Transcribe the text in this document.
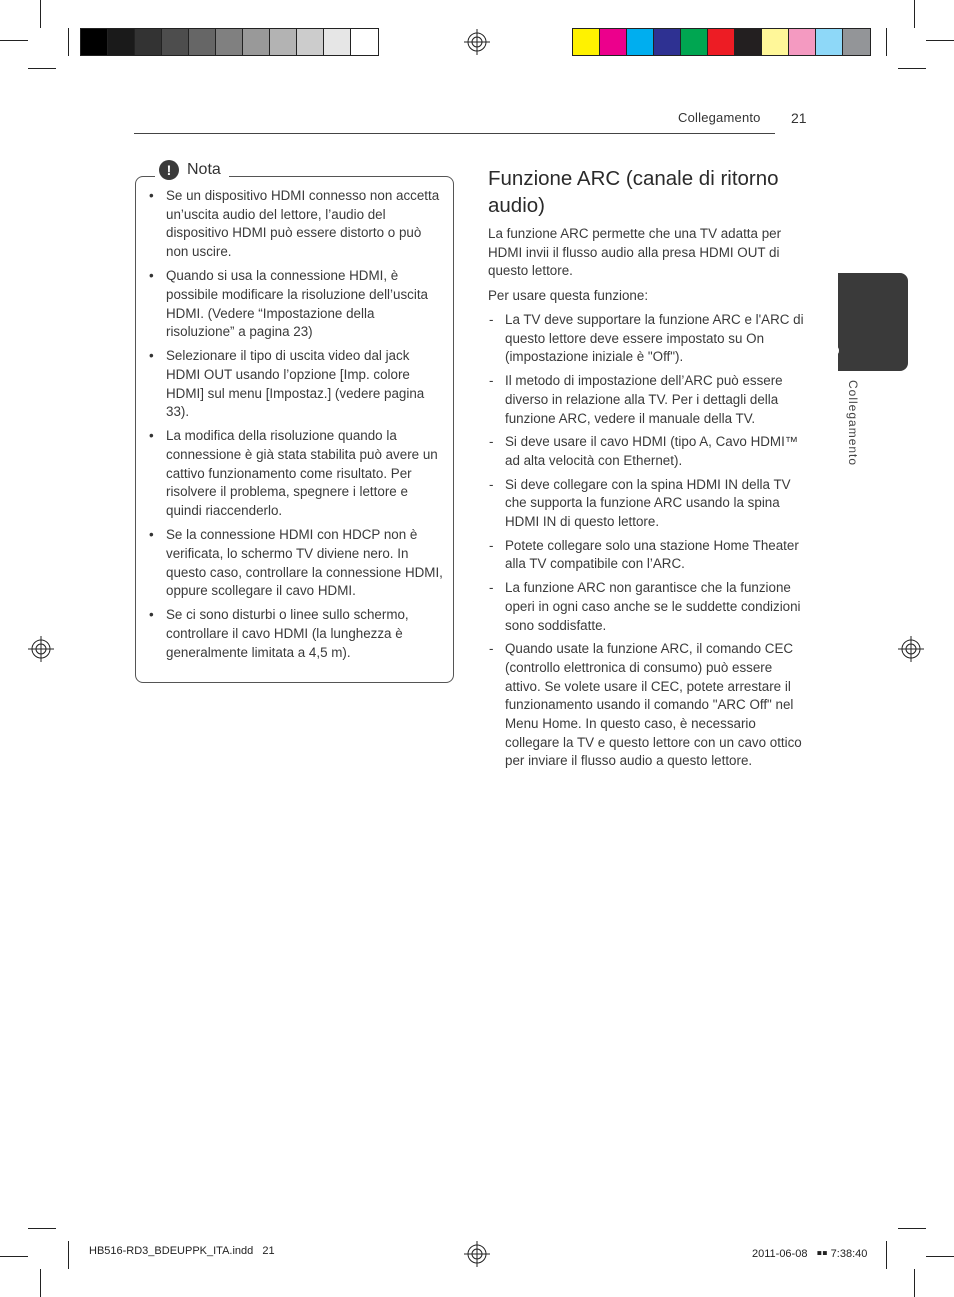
Collegamento 21
2
Collegamento
! Nota
• Se un dispositivo HDMI connesso non accetta un’uscita audio del lettore, l’audio del dispositivo HDMI può essere distorto o può non uscire.
• Quando si usa la connessione HDMI, è possibile modificare la risoluzione dell’uscita HDMI. (Vedere “Impostazione della risoluzione” a pagina 23)
• Selezionare il tipo di uscita video dal jack HDMI OUT usando l’opzione [Imp. colore HDMI] sul menu [Impostaz.] (vedere pagina 33).
• La modifica della risoluzione quando la connessione è già stata stabilita può avere un cattivo funzionamento come risultato. Per risolvere il problema, spegnere i lettore e quindi riaccenderlo.
• Se la connessione HDMI con HDCP non è verificata, lo schermo TV diviene nero. In questo caso, controllare la connessione HDMI, oppure scollegare il cavo HDMI.
• Se ci sono disturbi o linee sullo schermo, controllare il cavo HDMI (la lunghezza è generalmente limitata a 4,5 m).
Funzione ARC (canale di ritorno audio)

La funzione ARC permette che una TV adatta per HDMI invii il flusso audio alla presa HDMI OUT di questo lettore.

Per usare questa funzione:

- La TV deve supportare la funzione ARC e l'ARC di questo lettore deve essere impostato su On (impostazione iniziale è "Off").
- Il metodo di impostazione dell’ARC può essere diverso in relazione alla TV. Per i dettagli della funzione ARC, vedere il manuale della TV.
- Si deve usare il cavo HDMI (tipo A, Cavo HDMI™ ad alta velocità con Ethernet).
- Si deve collegare con la spina HDMI IN della TV che supporta la funzione ARC usando la spina HDMI IN di questo lettore.
- Potete collegare solo una stazione Home Theater alla TV compatibile con l’ARC.
- La funzione ARC non garantisce che la funzione operi in ogni caso anche se le suddette condizioni sono soddisfatte.
- Quando usate la funzione ARC, il comando CEC (controllo elettronica di consumo) può essere attivo. Se volete usare il CEC, potete arrestare il funzionamento usando il comando "ARC Off" nel Menu Home. In questo caso, è necessario collegare la TV e questo lettore con un cavo ottico per inviare il flusso audio a questo lettore.
HB516-RD3_BDEUPPK_ITA.indd   21	2011-06-08   ￭￭ 7:38:40
